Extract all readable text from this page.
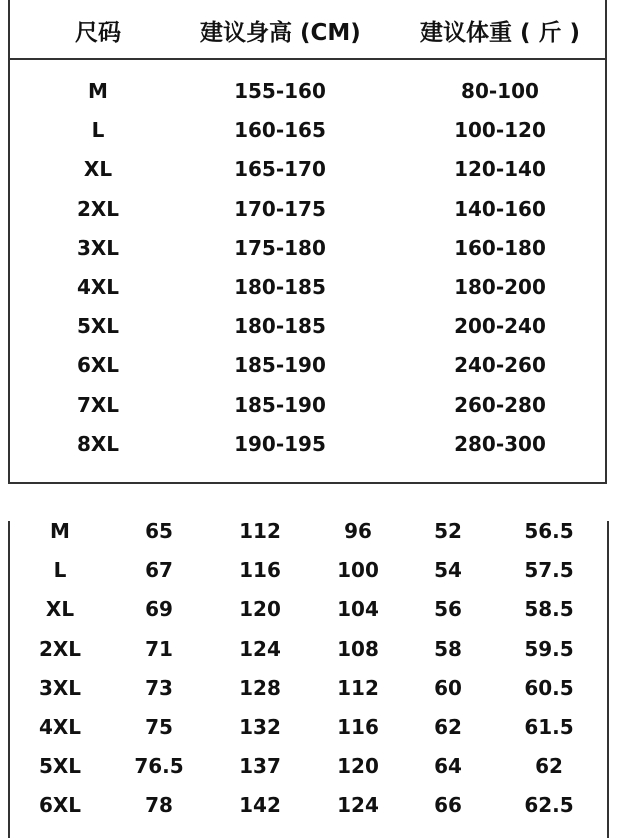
尺码	建议身高 (CM)	建议体重 ( 斤 )
M	155-160	80-100
L	160-165	100-120
XL	165-170	120-140
2XL	170-175	140-160
3XL	175-180	160-180
4XL	180-185	180-200
5XL	180-185	200-240
6XL	185-190	240-260
7XL	185-190	260-280
8XL	190-195	280-300
M	65	112	96	52	56.5
L	67	116	100	54	57.5
XL	69	120	104	56	58.5
2XL	71	124	108	58	59.5
3XL	73	128	112	60	60.5
4XL	75	132	116	62	61.5
5XL	76.5	137	120	64	62
6XL	78	142	124	66	62.5
